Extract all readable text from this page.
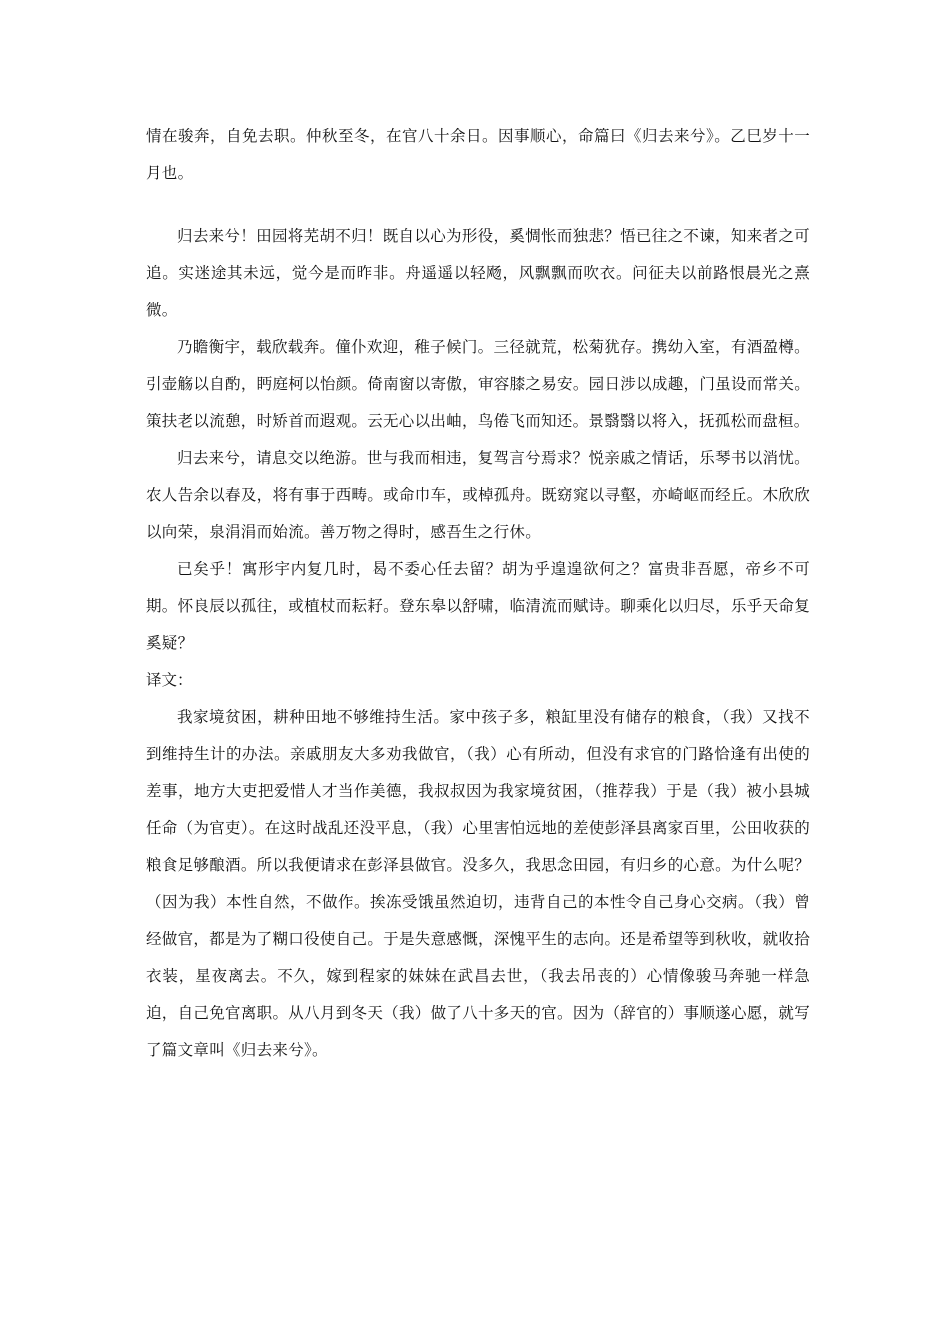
情在骏奔，自免去职。仲秋至冬，在官八十余日。因事顺心，命篇曰《归去来兮》。乙巳岁十一月也。

归去来兮！田园将芜胡不归！既自以心为形役，奚惆怅而独悲？悟已往之不谏，知来者之可追。实迷途其未远，觉今是而昨非。舟遥遥以轻飏，风飘飘而吹衣。问征夫以前路恨晨光之熹微。

乃瞻衡宇，载欣载奔。僮仆欢迎，稚子候门。三径就荒，松菊犹存。携幼入室，有酒盈樽。引壶觞以自酌，眄庭柯以怡颜。倚南窗以寄傲，审容膝之易安。园日涉以成趣，门虽设而常关。策扶老以流憩，时矫首而遐观。云无心以出岫，鸟倦飞而知还。景翳翳以将入，抚孤松而盘桓。

归去来兮，请息交以绝游。世与我而相违，复驾言兮焉求？悦亲戚之情话，乐琴书以消忧。农人告余以春及，将有事于西畴。或命巾车，或棹孤舟。既窈窕以寻壑，亦崎岖而经丘。木欣欣以向荣，泉涓涓而始流。善万物之得时，感吾生之行休。

已矣乎！寓形宇内复几时，曷不委心任去留？胡为乎遑遑欲何之？富贵非吾愿，帝乡不可期。怀良辰以孤往，或植杖而耘耔。登东皋以舒啸，临清流而赋诗。聊乘化以归尽，乐乎天命复奚疑？

译文：

我家境贫困，耕种田地不够维持生活。家中孩子多，粮缸里没有储存的粮食，（我）又找不到维持生计的办法。亲戚朋友大多劝我做官，（我）心有所动，但没有求官的门路恰逢有出使的差事，地方大吏把爱惜人才当作美德，我叔叔因为我家境贫困，（推荐我）于是（我）被小县城任命（为官吏）。在这时战乱还没平息，（我）心里害怕远地的差使彭泽县离家百里，公田收获的粮食足够酿酒。所以我便请求在彭泽县做官。没多久，我思念田园，有归乡的心意。为什么呢？（因为我）本性自然，不做作。挨冻受饿虽然迫切，违背自己的本性令自己身心交病。（我）曾经做官，都是为了糊口役使自己。于是失意感慨，深愧平生的志向。还是希望等到秋收，就收拾衣装，星夜离去。不久，嫁到程家的妹妹在武昌去世，（我去吊丧的）心情像骏马奔驰一样急迫，自己免官离职。从八月到冬天（我）做了八十多天的官。因为（辞官的）事顺遂心愿，就写了篇文章叫《归去来兮》。
